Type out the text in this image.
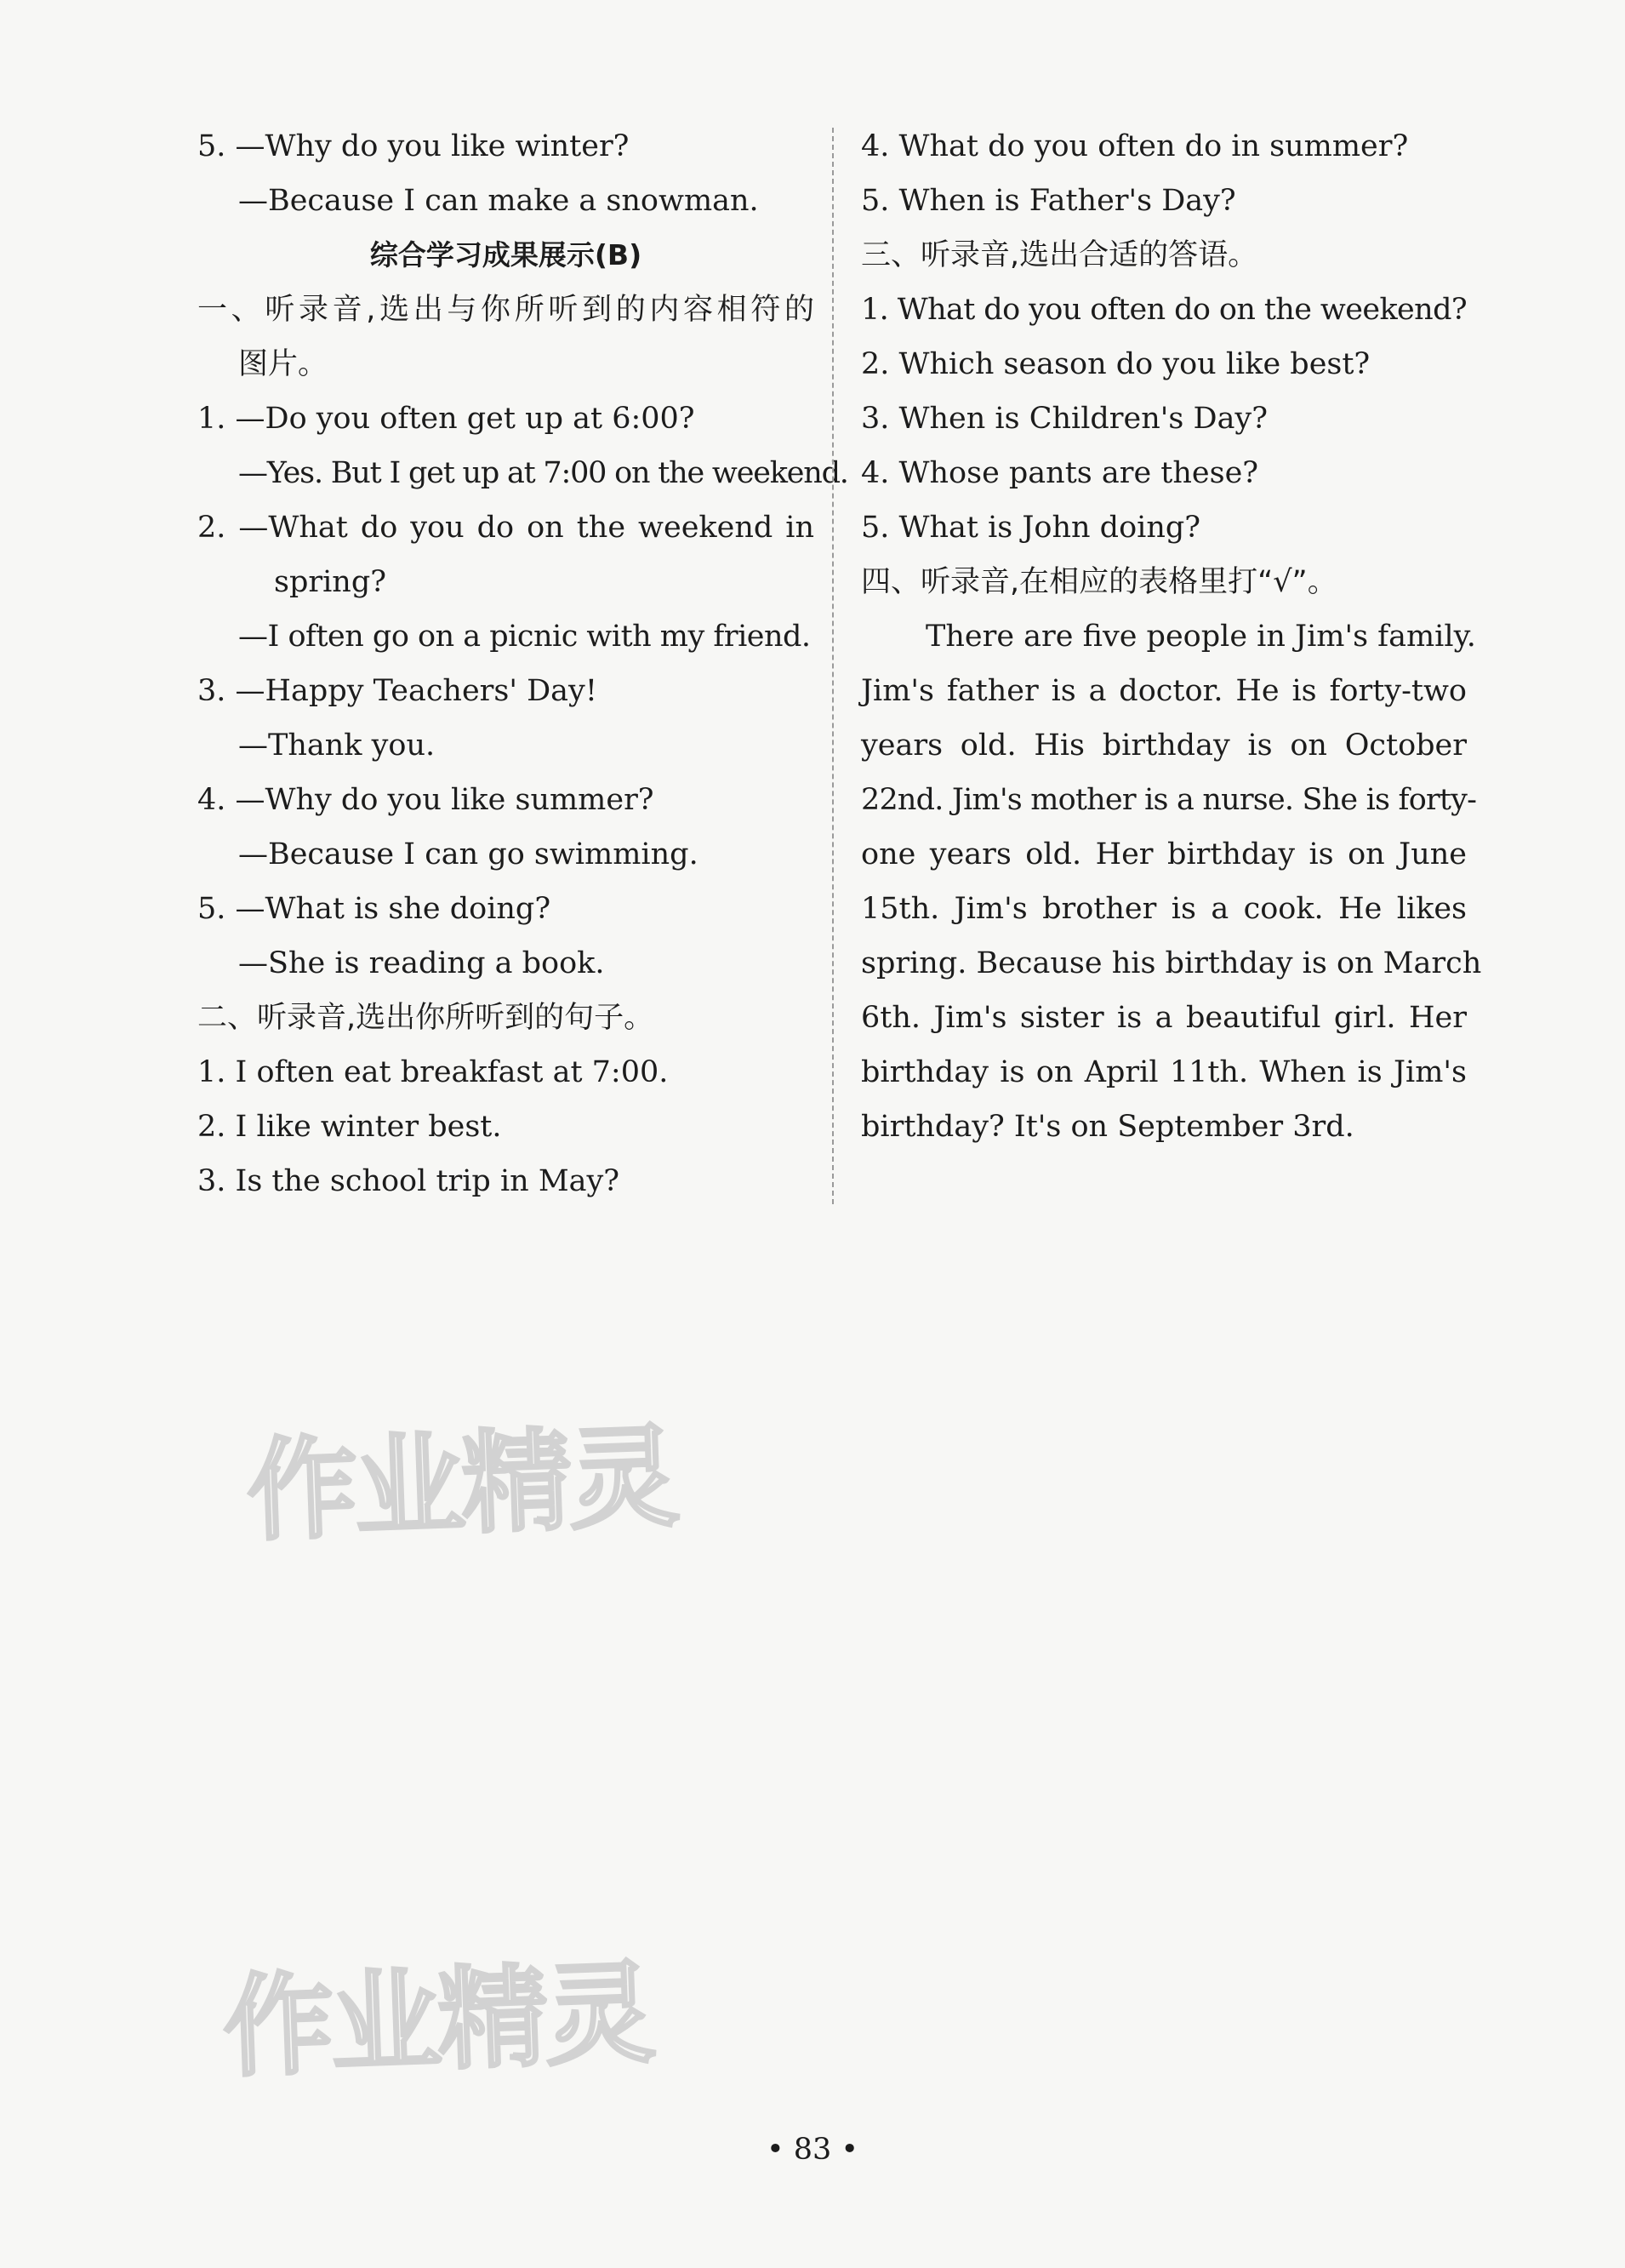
5. —Why do you like winter?
—Because I can make a snowman.
综合学习成果展示(B)
一、听录音,选出与你所听到的内容相符的
图片。
1. —Do you often get up at 6:00?
—Yes. But I get up at 7:00 on the weekend.
2. —What do you do on the weekend in
spring?
—I often go on a picnic with my friend.
3. —Happy Teachers' Day!
—Thank you.
4. —Why do you like summer?
—Because I can go swimming.
5. —What is she doing?
—She is reading a book.
二、听录音,选出你所听到的句子。
1. I often eat breakfast at 7:00.
2. I like winter best.
3. Is the school trip in May?
4. What do you often do in summer?
5. When is Father's Day?
三、听录音,选出合适的答语。
1. What do you often do on the weekend?
2. Which season do you like best?
3. When is Children's Day?
4. Whose pants are these?
5. What is John doing?
四、听录音,在相应的表格里打“√”。
There are five people in Jim's family.
Jim's father is a doctor. He is forty-two
years old. His birthday is on October
22nd. Jim's mother is a nurse. She is forty-
one years old. Her birthday is on June
15th. Jim's brother is a cook. He likes
spring. Because his birthday is on March
6th. Jim's sister is a beautiful girl. Her
birthday is on April 11th. When is Jim's
birthday? It's on September 3rd.
作业精灵
作业精灵
• 83 •
